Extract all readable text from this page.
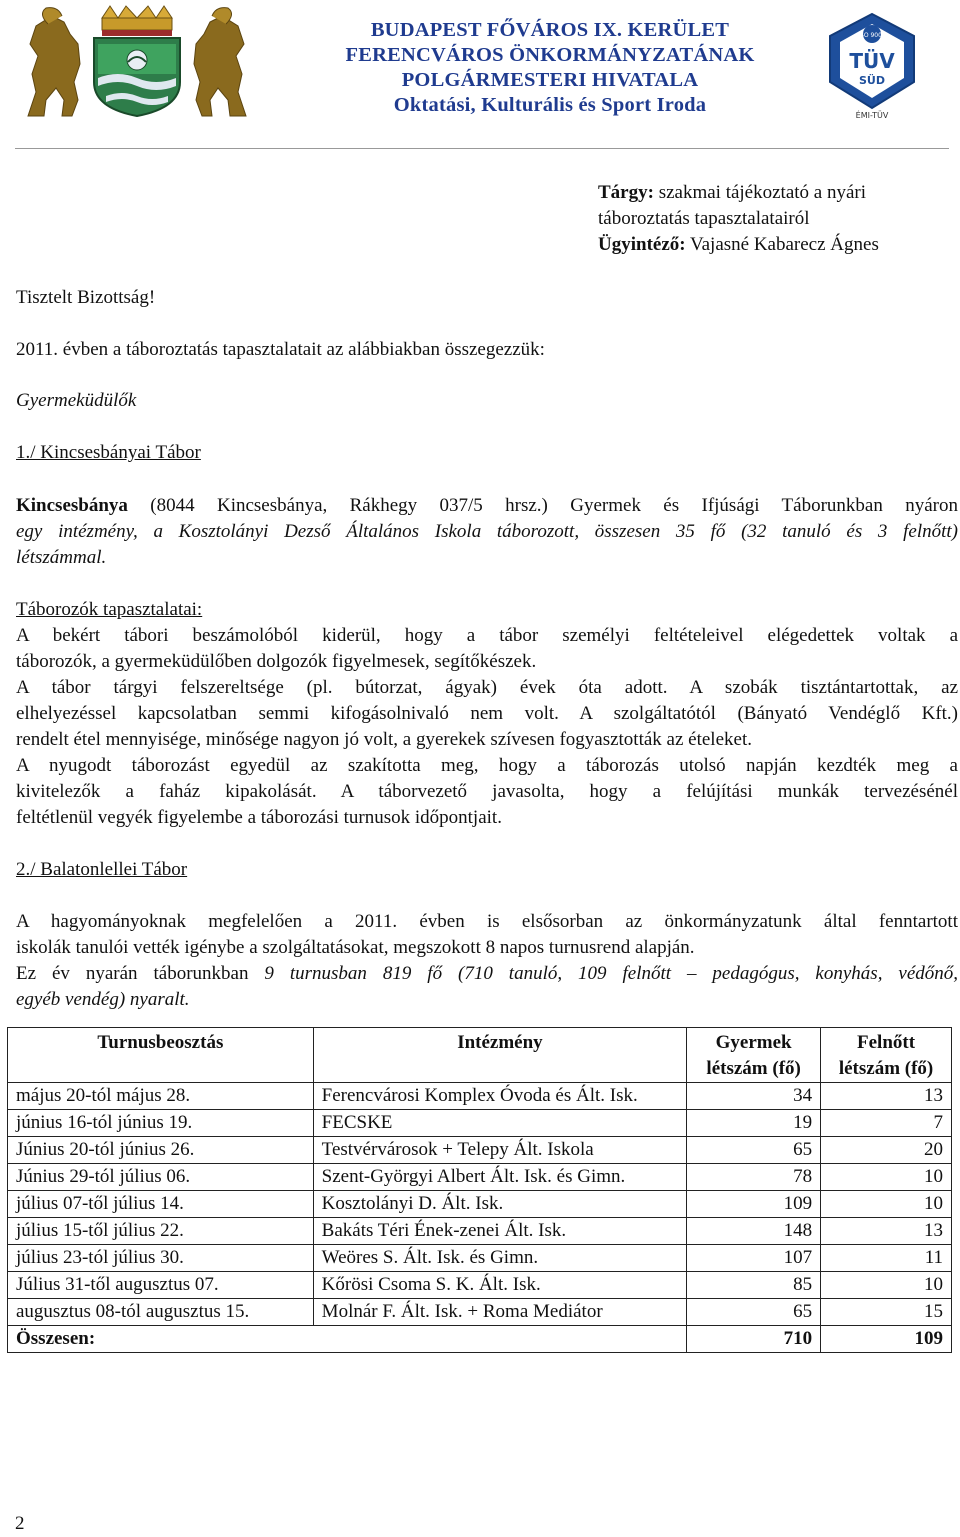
BUDAPEST FŐVÁROS IX. KERÜLET
FERENCVÁROS ÖNKORMÁNYZATÁNAK
POLGÁRMESTERI HIVATALA
Oktatási, Kulturális és Sport Iroda
ISO 9001
TÜV
SÜD
ÉMI-TÜV
Tárgy: szakmai tájékoztató a nyári
táboroztatás tapasztalatairól
Ügyintéző: Vajasné Kabarecz Ágnes
Tisztelt Bizottság!
2011. évben a táboroztatás tapasztalatait az alábbiakban összegezzük:
Gyermeküdülők
1./ Kincsesbányai Tábor
Kincsesbánya (8044 Kincsesbánya, Rákhegy 037/5 hrsz.) Gyermek és Ifjúsági Táborunkban nyáron
egy intézmény, a Kosztolányi Dezső Általános Iskola táborozott, összesen 35 fő (32 tanuló és 3 felnőtt)
létszámmal.
Táborozók tapasztalatai:
A bekért tábori beszámolóból kiderül, hogy a tábor személyi feltételeivel elégedettek voltak a
táborozók, a gyermeküdülőben dolgozók figyelmesek, segítőkészek.
A tábor tárgyi felszereltsége (pl. bútorzat, ágyak) évek óta adott. A szobák tisztántartottak, az
elhelyezéssel kapcsolatban semmi kifogásolnivaló nem volt. A szolgáltatótól (Bányató Vendéglő Kft.)
rendelt étel mennyisége, minősége nagyon jó volt, a gyerekek szívesen fogyasztották az ételeket.
A nyugodt táborozást egyedül az szakította meg, hogy a táborozás utolsó napján kezdték meg a
kivitelezők a faház kipakolását. A táborvezető javasolta, hogy a felújítási munkák tervezésénél
feltétlenül vegyék figyelembe a táborozási turnusok időpontjait.
2./ Balatonlellei Tábor
A hagyományoknak megfelelően a 2011. évben is elsősorban az önkormányzatunk által fenntartott
iskolák tanulói vették igénybe a szolgáltatásokat, megszokott 8 napos turnusrend alapján.
Ez év nyarán táborunkban 9 turnusban 819 fő (710 tanuló, 109 felnőtt – pedagógus, konyhás, védőnő,
egyéb vendég) nyaralt.
Turnusbeosztás	Intézmény	Gyermek létszám (fő)	Felnőtt létszám (fő)
május 20-tól május 28.	Ferencvárosi Komplex Óvoda és Ált. Isk.	34	13
június 16-tól június 19.	FECSKE	19	7
Június 20-tól június 26.	Testvérvárosok + Telepy Ált. Iskola	65	20
Június 29-tól július 06.	Szent-Györgyi Albert Ált. Isk. és Gimn.	78	10
július 07-től július 14.	Kosztolányi D. Ált. Isk.	109	10
július 15-től július 22.	Bakáts Téri Ének-zenei Ált. Isk.	148	13
július 23-tól július 30.	Weöres S. Ált. Isk. és Gimn.	107	11
Július 31-től augusztus 07.	Kőrösi Csoma S. K. Ált. Isk.	85	10
augusztus 08-tól augusztus 15.	Molnár F. Ált. Isk. + Roma Mediátor	65	15
Összesen:		710	109
2
